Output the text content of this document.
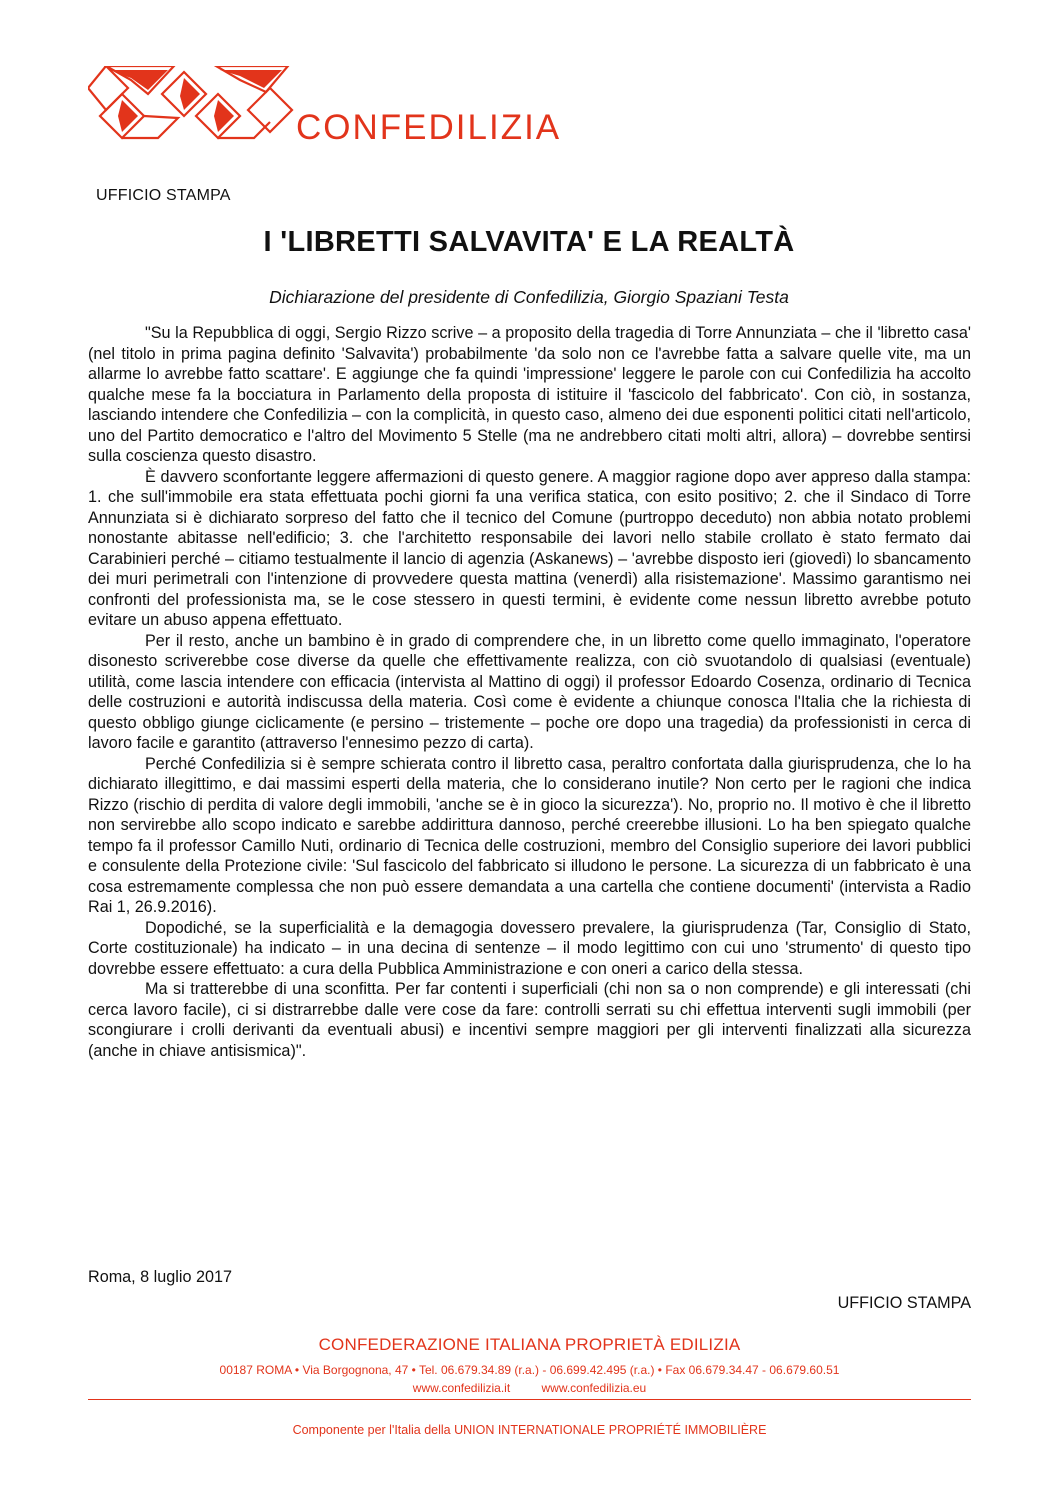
CONFEDILIZIA
UFFICIO STAMPA
I 'LIBRETTI SALVAVITA' E LA REALTÀ
Dichiarazione del presidente di Confedilizia, Giorgio Spaziani Testa

"Su la Repubblica di oggi, Sergio Rizzo scrive – a proposito della tragedia di Torre Annunziata – che il 'libretto casa' (nel titolo in prima pagina definito 'Salvavita') probabilmente 'da solo non ce l'avrebbe fatta a salvare quelle vite, ma un allarme lo avrebbe fatto scattare'. E aggiunge che fa quindi 'impressione' leggere le parole con cui Confedilizia ha accolto qualche mese fa la bocciatura in Parlamento della proposta di istituire il 'fascicolo del fabbricato'. Con ciò, in sostanza, lasciando intendere che Confedilizia – con la complicità, in questo caso, almeno dei due esponenti politici citati nell'articolo, uno del Partito democratico e l'altro del Movimento 5 Stelle (ma ne andrebbero citati molti altri, allora) – dovrebbe sentirsi sulla coscienza questo disastro.

È davvero sconfortante leggere affermazioni di questo genere. A maggior ragione dopo aver appreso dalla stampa: 1. che sull'immobile era stata effettuata pochi giorni fa una verifica statica, con esito positivo; 2. che il Sindaco di Torre Annunziata si è dichiarato sorpreso del fatto che il tecnico del Comune (purtroppo deceduto) non abbia notato problemi nonostante abitasse nell'edificio; 3. che l'architetto responsabile dei lavori nello stabile crollato è stato fermato dai Carabinieri perché – citiamo testualmente il lancio di agenzia (Askanews) – 'avrebbe disposto ieri (giovedì) lo sbancamento dei muri perimetrali con l'intenzione di provvedere questa mattina (venerdì) alla risistemazione'. Massimo garantismo nei confronti del professionista ma, se le cose stessero in questi termini, è evidente come nessun libretto avrebbe potuto evitare un abuso appena effettuato.

Per il resto, anche un bambino è in grado di comprendere che, in un libretto come quello immaginato, l'operatore disonesto scriverebbe cose diverse da quelle che effettivamente realizza, con ciò svuotandolo di qualsiasi (eventuale) utilità, come lascia intendere con efficacia (intervista al Mattino di oggi) il professor Edoardo Cosenza, ordinario di Tecnica delle costruzioni e autorità indiscussa della materia. Così come è evidente a chiunque conosca l'Italia che la richiesta di questo obbligo giunge ciclicamente (e persino – tristemente – poche ore dopo una tragedia) da professionisti in cerca di lavoro facile e garantito (attraverso l'ennesimo pezzo di carta).

Perché Confedilizia si è sempre schierata contro il libretto casa, peraltro confortata dalla giurisprudenza, che lo ha dichiarato illegittimo, e dai massimi esperti della materia, che lo considerano inutile? Non certo per le ragioni che indica Rizzo (rischio di perdita di valore degli immobili, 'anche se è in gioco la sicurezza'). No, proprio no. Il motivo è che il libretto non servirebbe allo scopo indicato e sarebbe addirittura dannoso, perché creerebbe illusioni. Lo ha ben spiegato qualche tempo fa il professor Camillo Nuti, ordinario di Tecnica delle costruzioni, membro del Consiglio superiore dei lavori pubblici e consulente della Protezione civile: 'Sul fascicolo del fabbricato si illudono le persone. La sicurezza di un fabbricato è una cosa estremamente complessa che non può essere demandata a una cartella che contiene documenti' (intervista a Radio Rai 1, 26.9.2016).

Dopodiché, se la superficialità e la demagogia dovessero prevalere, la giurisprudenza (Tar, Consiglio di Stato, Corte costituzionale) ha indicato – in una decina di sentenze – il modo legittimo con cui uno 'strumento' di questo tipo dovrebbe essere effettuato: a cura della Pubblica Amministrazione e con oneri a carico della stessa.

Ma si tratterebbe di una sconfitta. Per far contenti i superficiali (chi non sa o non comprende) e gli interessati (chi cerca lavoro facile), ci si distrarrebbe dalle vere cose da fare: controlli serrati su chi effettua interventi sugli immobili (per scongiurare i crolli derivanti da eventuali abusi) e incentivi sempre maggiori per gli interventi finalizzati alla sicurezza (anche in chiave antisismica)".

Roma, 8 luglio 2017
UFFICIO STAMPA
CONFEDERAZIONE ITALIANA PROPRIETÀ EDILIZIA
00187 ROMA • Via Borgognona, 47 • Tel. 06.679.34.89 (r.a.) - 06.699.42.495 (r.a.) • Fax 06.679.34.47 - 06.679.60.51
www.confedilizia.it	www.confedilizia.eu
Componente per l'Italia della UNION INTERNATIONALE PROPRIÉTÉ IMMOBILIÈRE
